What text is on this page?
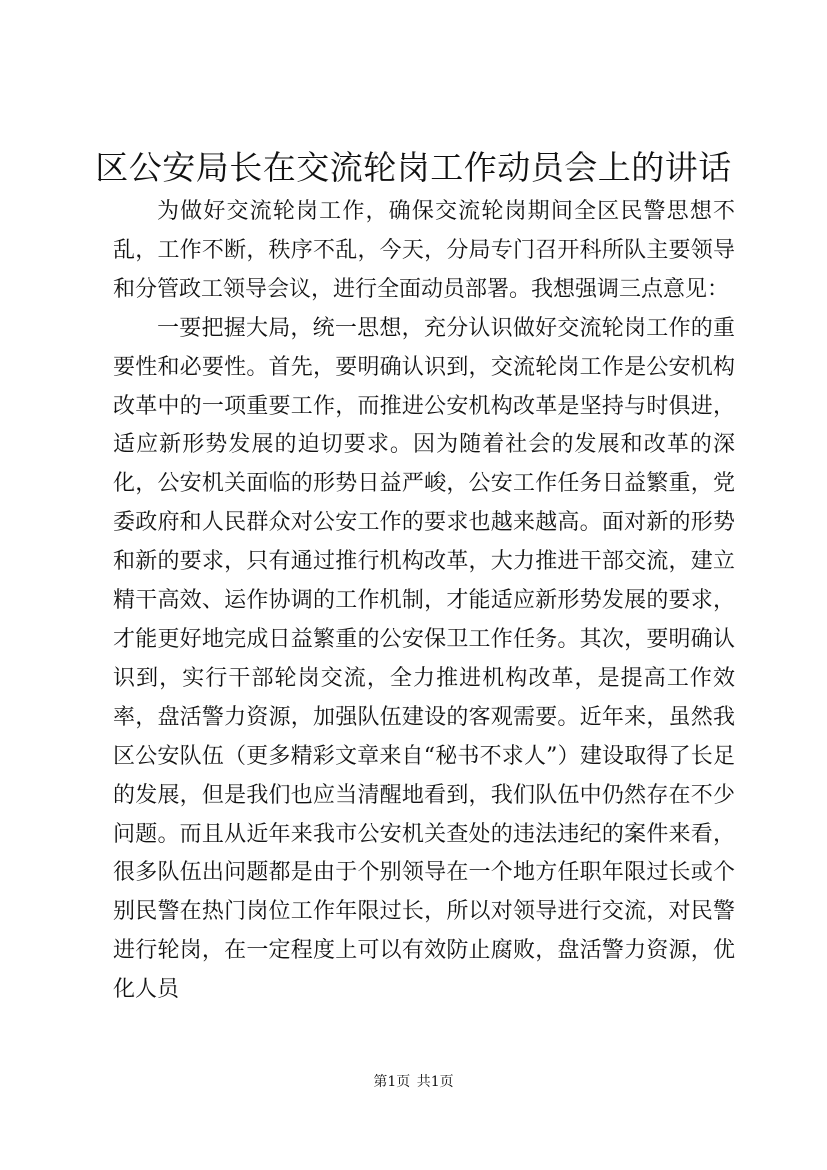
区公安局长在交流轮岗工作动员会上的讲话

为做好交流轮岗工作，确保交流轮岗期间全区民警思想不乱，工作不断，秩序不乱，今天，分局专门召开科所队主要领导和分管政工领导会议，进行全面动员部署。我想强调三点意见：

一要把握大局，统一思想，充分认识做好交流轮岗工作的重要性和必要性。首先，要明确认识到，交流轮岗工作是公安机构改革中的一项重要工作，而推进公安机构改革是坚持与时俱进，适应新形势发展的迫切要求。因为随着社会的发展和改革的深化，公安机关面临的形势日益严峻，公安工作任务日益繁重，党委政府和人民群众对公安工作的要求也越来越高。面对新的形势和新的要求，只有通过推行机构改革，大力推进干部交流，建立精干高效、运作协调的工作机制，才能适应新形势发展的要求，才能更好地完成日益繁重的公安保卫工作任务。其次，要明确认识到，实行干部轮岗交流，全力推进机构改革，是提高工作效率，盘活警力资源，加强队伍建设的客观需要。近年来，虽然我区公安队伍（更多精彩文章来自“秘书不求人”）建设取得了长足的发展，但是我们也应当清醒地看到，我们队伍中仍然存在不少问题。而且从近年来我市公安机关查处的违法违纪的案件来看，很多队伍出问题都是由于个别领导在一个地方任职年限过长或个别民警在热门岗位工作年限过长，所以对领导进行交流，对民警进行轮岗，在一定程度上可以有效防止腐败，盘活警力资源，优化人员

第1页 共1页
